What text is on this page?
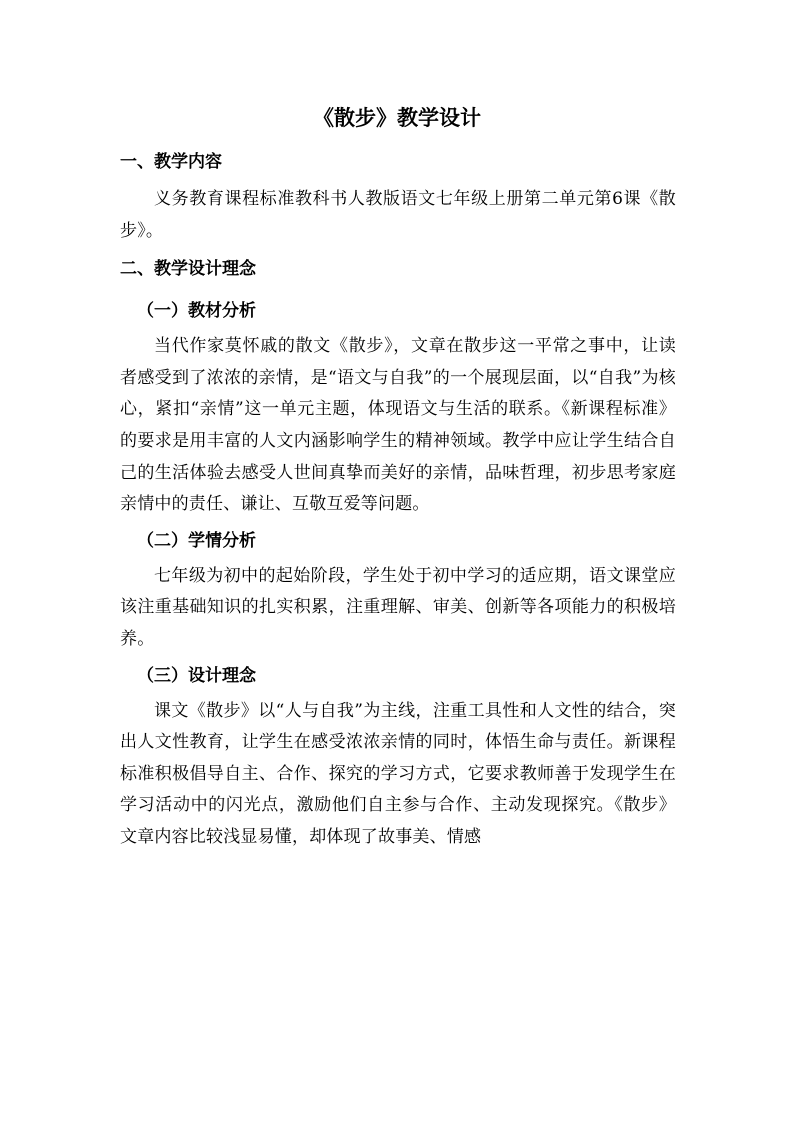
《散步》教学设计
一、教学内容
义务教育课程标准教科书人教版语文七年级上册第二单元第6课《散步》。
二、教学设计理念
（一）教材分析
当代作家莫怀戚的散文《散步》，文章在散步这一平常之事中，让读者感受到了浓浓的亲情，是“语文与自我”的一个展现层面，以“自我”为核心，紧扣“亲情”这一单元主题，体现语文与生活的联系。《新课程标准》的要求是用丰富的人文内涵影响学生的精神领域。教学中应让学生结合自己的生活体验去感受人世间真挚而美好的亲情，品味哲理，初步思考家庭亲情中的责任、谦让、互敬互爱等问题。
（二）学情分析
七年级为初中的起始阶段，学生处于初中学习的适应期，语文课堂应该注重基础知识的扎实积累，注重理解、审美、创新等各项能力的积极培养。
（三）设计理念
课文《散步》以“人与自我”为主线，注重工具性和人文性的结合，突出人文性教育，让学生在感受浓浓亲情的同时，体悟生命与责任。新课程标准积极倡导自主、合作、探究的学习方式，它要求教师善于发现学生在学习活动中的闪光点，激励他们自主参与合作、主动发现探究。《散步》文章内容比较浅显易懂，却体现了故事美、情感
